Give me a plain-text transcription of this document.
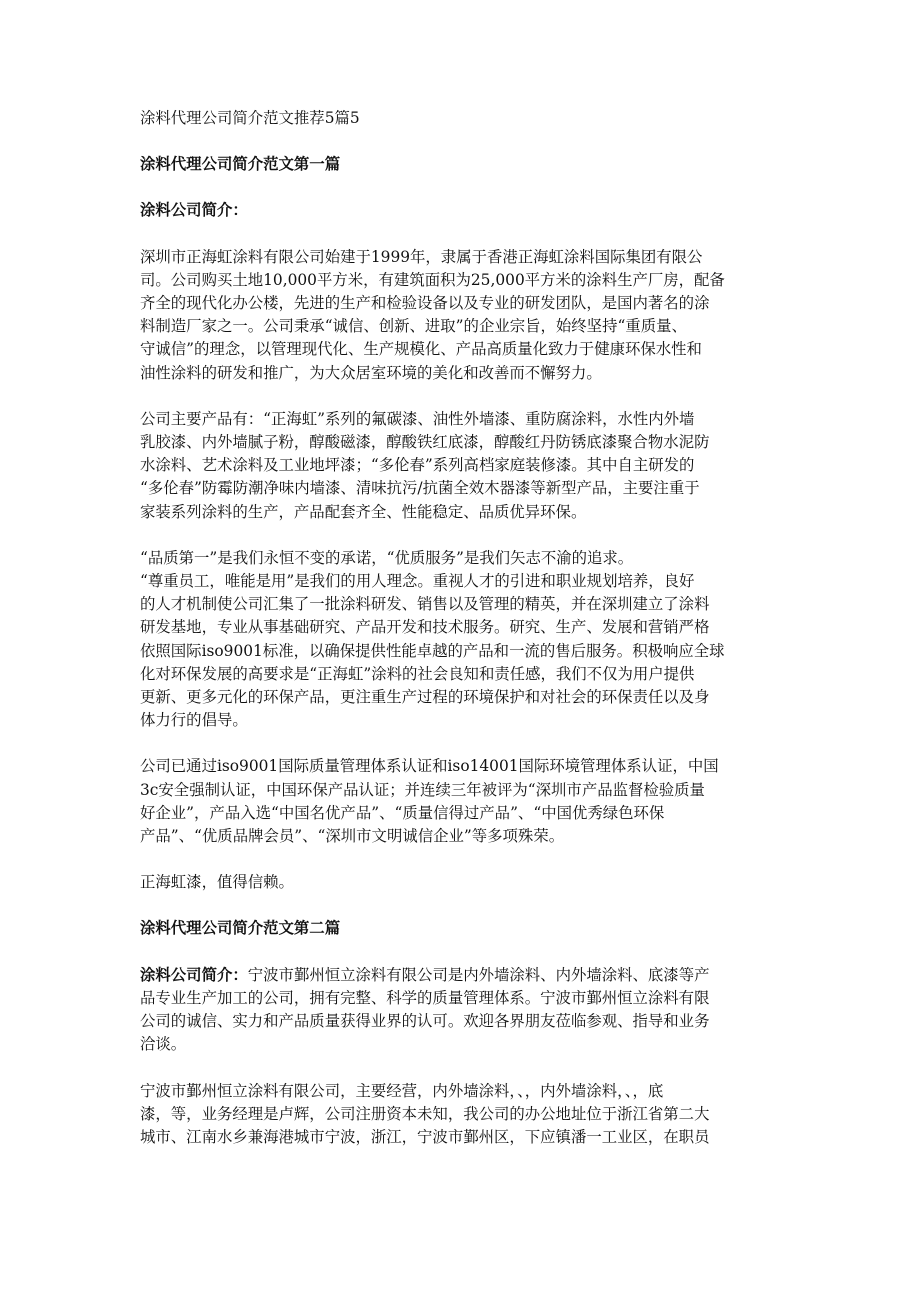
涂料代理公司简介范文推荐5篇5

涂料代理公司简介范文第一篇

涂料公司简介：

深圳市正海虹涂料有限公司始建于1999年，隶属于香港正海虹涂料国际集团有限公
司。公司购买土地10,000平方米，有建筑面积为25,000平方米的涂料生产厂房，配备
齐全的现代化办公楼，先进的生产和检验设备以及专业的研发团队，是国内著名的涂
料制造厂家之一。公司秉承“诚信、创新、进取”的企业宗旨，始终坚持“重质量、
守诚信”的理念，以管理现代化、生产规模化、产品高质量化致力于健康环保水性和
油性涂料的研发和推广，为大众居室环境的美化和改善而不懈努力。

公司主要产品有：“正海虹”系列的氟碳漆、油性外墙漆、重防腐涂料，水性内外墙
乳胶漆、内外墙腻子粉，醇酸磁漆，醇酸铁红底漆，醇酸红丹防锈底漆聚合物水泥防
水涂料、艺术涂料及工业地坪漆；“多伦春”系列高档家庭装修漆。其中自主研发的
“多伦春”防霉防潮净味内墙漆、清味抗污/抗菌全效木器漆等新型产品，主要注重于
家装系列涂料的生产，产品配套齐全、性能稳定、品质优异环保。

“品质第一”是我们永恒不变的承诺，“优质服务”是我们矢志不渝的追求。
“尊重员工，唯能是用”是我们的用人理念。重视人才的引进和职业规划培养，良好
的人才机制使公司汇集了一批涂料研发、销售以及管理的精英，并在深圳建立了涂料
研发基地，专业从事基础研究、产品开发和技术服务。研究、生产、发展和营销严格
依照国际iso9001标准，以确保提供性能卓越的产品和一流的售后服务。积极响应全球
化对环保发展的高要求是“正海虹”涂料的社会良知和责任感，我们不仅为用户提供
更新、更多元化的环保产品，更注重生产过程的环境保护和对社会的环保责任以及身
体力行的倡导。

公司已通过iso9001国际质量管理体系认证和iso14001国际环境管理体系认证，中国
3c安全强制认证，中国环保产品认证；并连续三年被评为“深圳市产品监督检验质量
好企业”，产品入选“中国名优产品”、“质量信得过产品”、“中国优秀绿色环保
产品”、“优质品牌会员”、“深圳市文明诚信企业”等多项殊荣。

正海虹漆，值得信赖。

涂料代理公司简介范文第二篇

涂料公司简介：宁波市鄞州恒立涂料有限公司是内外墙涂料、内外墙涂料、底漆等产
品专业生产加工的公司，拥有完整、科学的质量管理体系。宁波市鄞州恒立涂料有限
公司的诚信、实力和产品质量获得业界的认可。欢迎各界朋友莅临参观、指导和业务
洽谈。

宁波市鄞州恒立涂料有限公司，主要经营，内外墙涂料，、，内外墙涂料，、，底
漆，等，业务经理是卢辉，公司注册资本未知，我公司的办公地址位于浙江省第二大
城市、江南水乡兼海港城市宁波，浙江，宁波市鄞州区，下应镇潘一工业区，在职员
